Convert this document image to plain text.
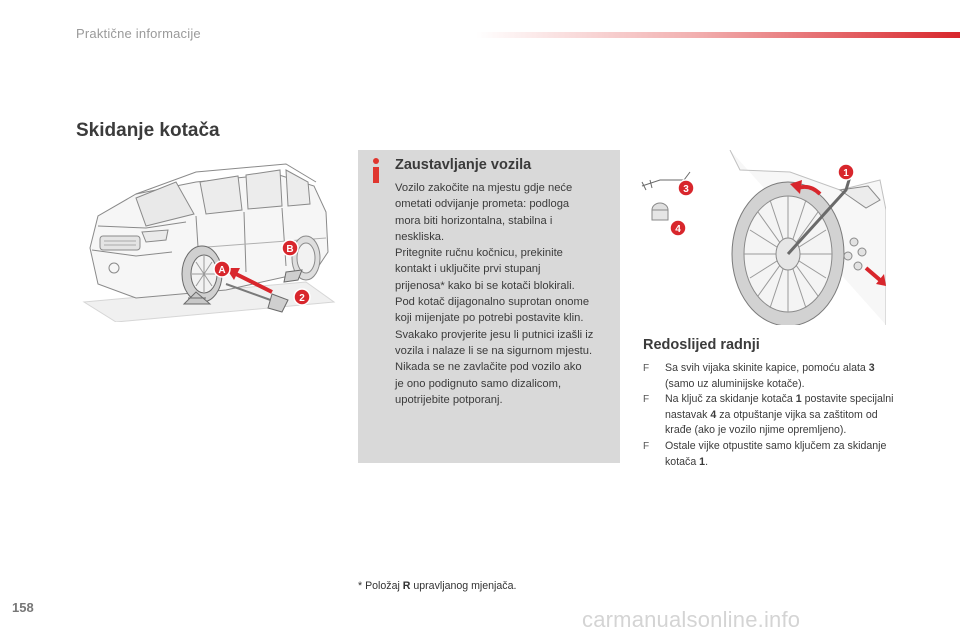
Praktične informacije
Skidanje kotača
A
B
2
Zaustavljanje vozila

Vozilo zakočite na mjestu gdje neće

ometati odvijanje prometa: podloga

mora biti horizontalna, stabilna i

neskliska.

Pritegnite ručnu kočnicu, prekinite

kontakt i uključite prvi stupanj

prijenosa* kako bi se kotači blokirali.

Pod kotač dijagonalno suprotan onome

koji mijenjate po potrebi postavite klin.

Svakako provjerite jesu li putnici izašli iz

vozila i nalaze li se na sigurnom mjestu.

Nikada se ne zavlačite pod vozilo ako

je ono podignuto samo dizalicom,

upotrijebite potporanj.

3
4
1
Redoslijed radnji
F	Sa svih vijaka skinite kapice, pomoću alata 3 (samo uz aluminijske kotače).
F	Na ključ za skidanje kotača 1 postavite specijalni nastavak 4 za otpuštanje vijka sa zaštitom od krađe (ako je vozilo njime opremljeno).
F	Ostale vijke otpustite samo ključem za skidanje kotača 1.
* Položaj R upravljanog mjenjača.
158	carmanualsonline.info
